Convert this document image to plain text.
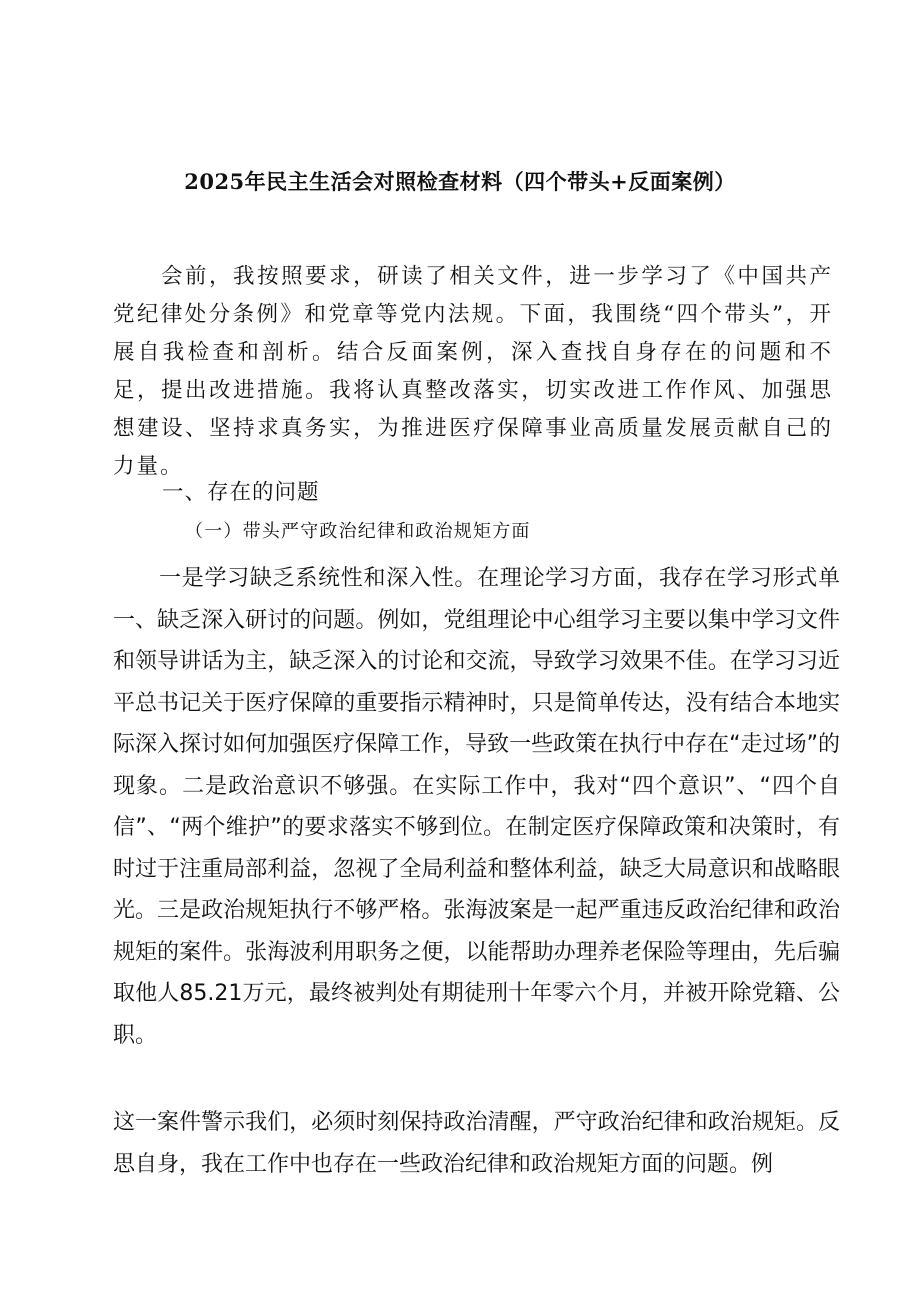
2025年民主生活会对照检查材料（四个带头+反面案例）

会前，我按照要求，研读了相关文件，进一步学习了《中国共产党纪律处分条例》和党章等党内法规。下面，我围绕“四个带头”，开展自我检查和剖析。结合反面案例，深入查找自身存在的问题和不足，提出改进措施。我将认真整改落实，切实改进工作作风、加强思想建设、坚持求真务实，为推进医疗保障事业高质量发展贡献自己的力量。

一、存在的问题
（一）带头严守政治纪律和政治规矩方面

一是学习缺乏系统性和深入性。在理论学习方面，我存在学习形式单一、缺乏深入研讨的问题。例如，党组理论中心组学习主要以集中学习文件和领导讲话为主，缺乏深入的讨论和交流，导致学习效果不佳。在学习习近平总书记关于医疗保障的重要指示精神时，只是简单传达，没有结合本地实际深入探讨如何加强医疗保障工作，导致一些政策在执行中存在“走过场”的现象。二是政治意识不够强。在实际工作中，我对“四个意识”、“四个自信”、“两个维护”的要求落实不够到位。在制定医疗保障政策和决策时，有时过于注重局部利益，忽视了全局利益和整体利益，缺乏大局意识和战略眼光。三是政治规矩执行不够严格。张海波案是一起严重违反政治纪律和政治规矩的案件。张海波利用职务之便，以能帮助办理养老保险等理由，先后骗取他人85.21万元，最终被判处有期徒刑十年零六个月，并被开除党籍、公职。

这一案件警示我们，必须时刻保持政治清醒，严守政治纪律和政治规矩。反思自身，我在工作中也存在一些政治纪律和政治规矩方面的问题。例
